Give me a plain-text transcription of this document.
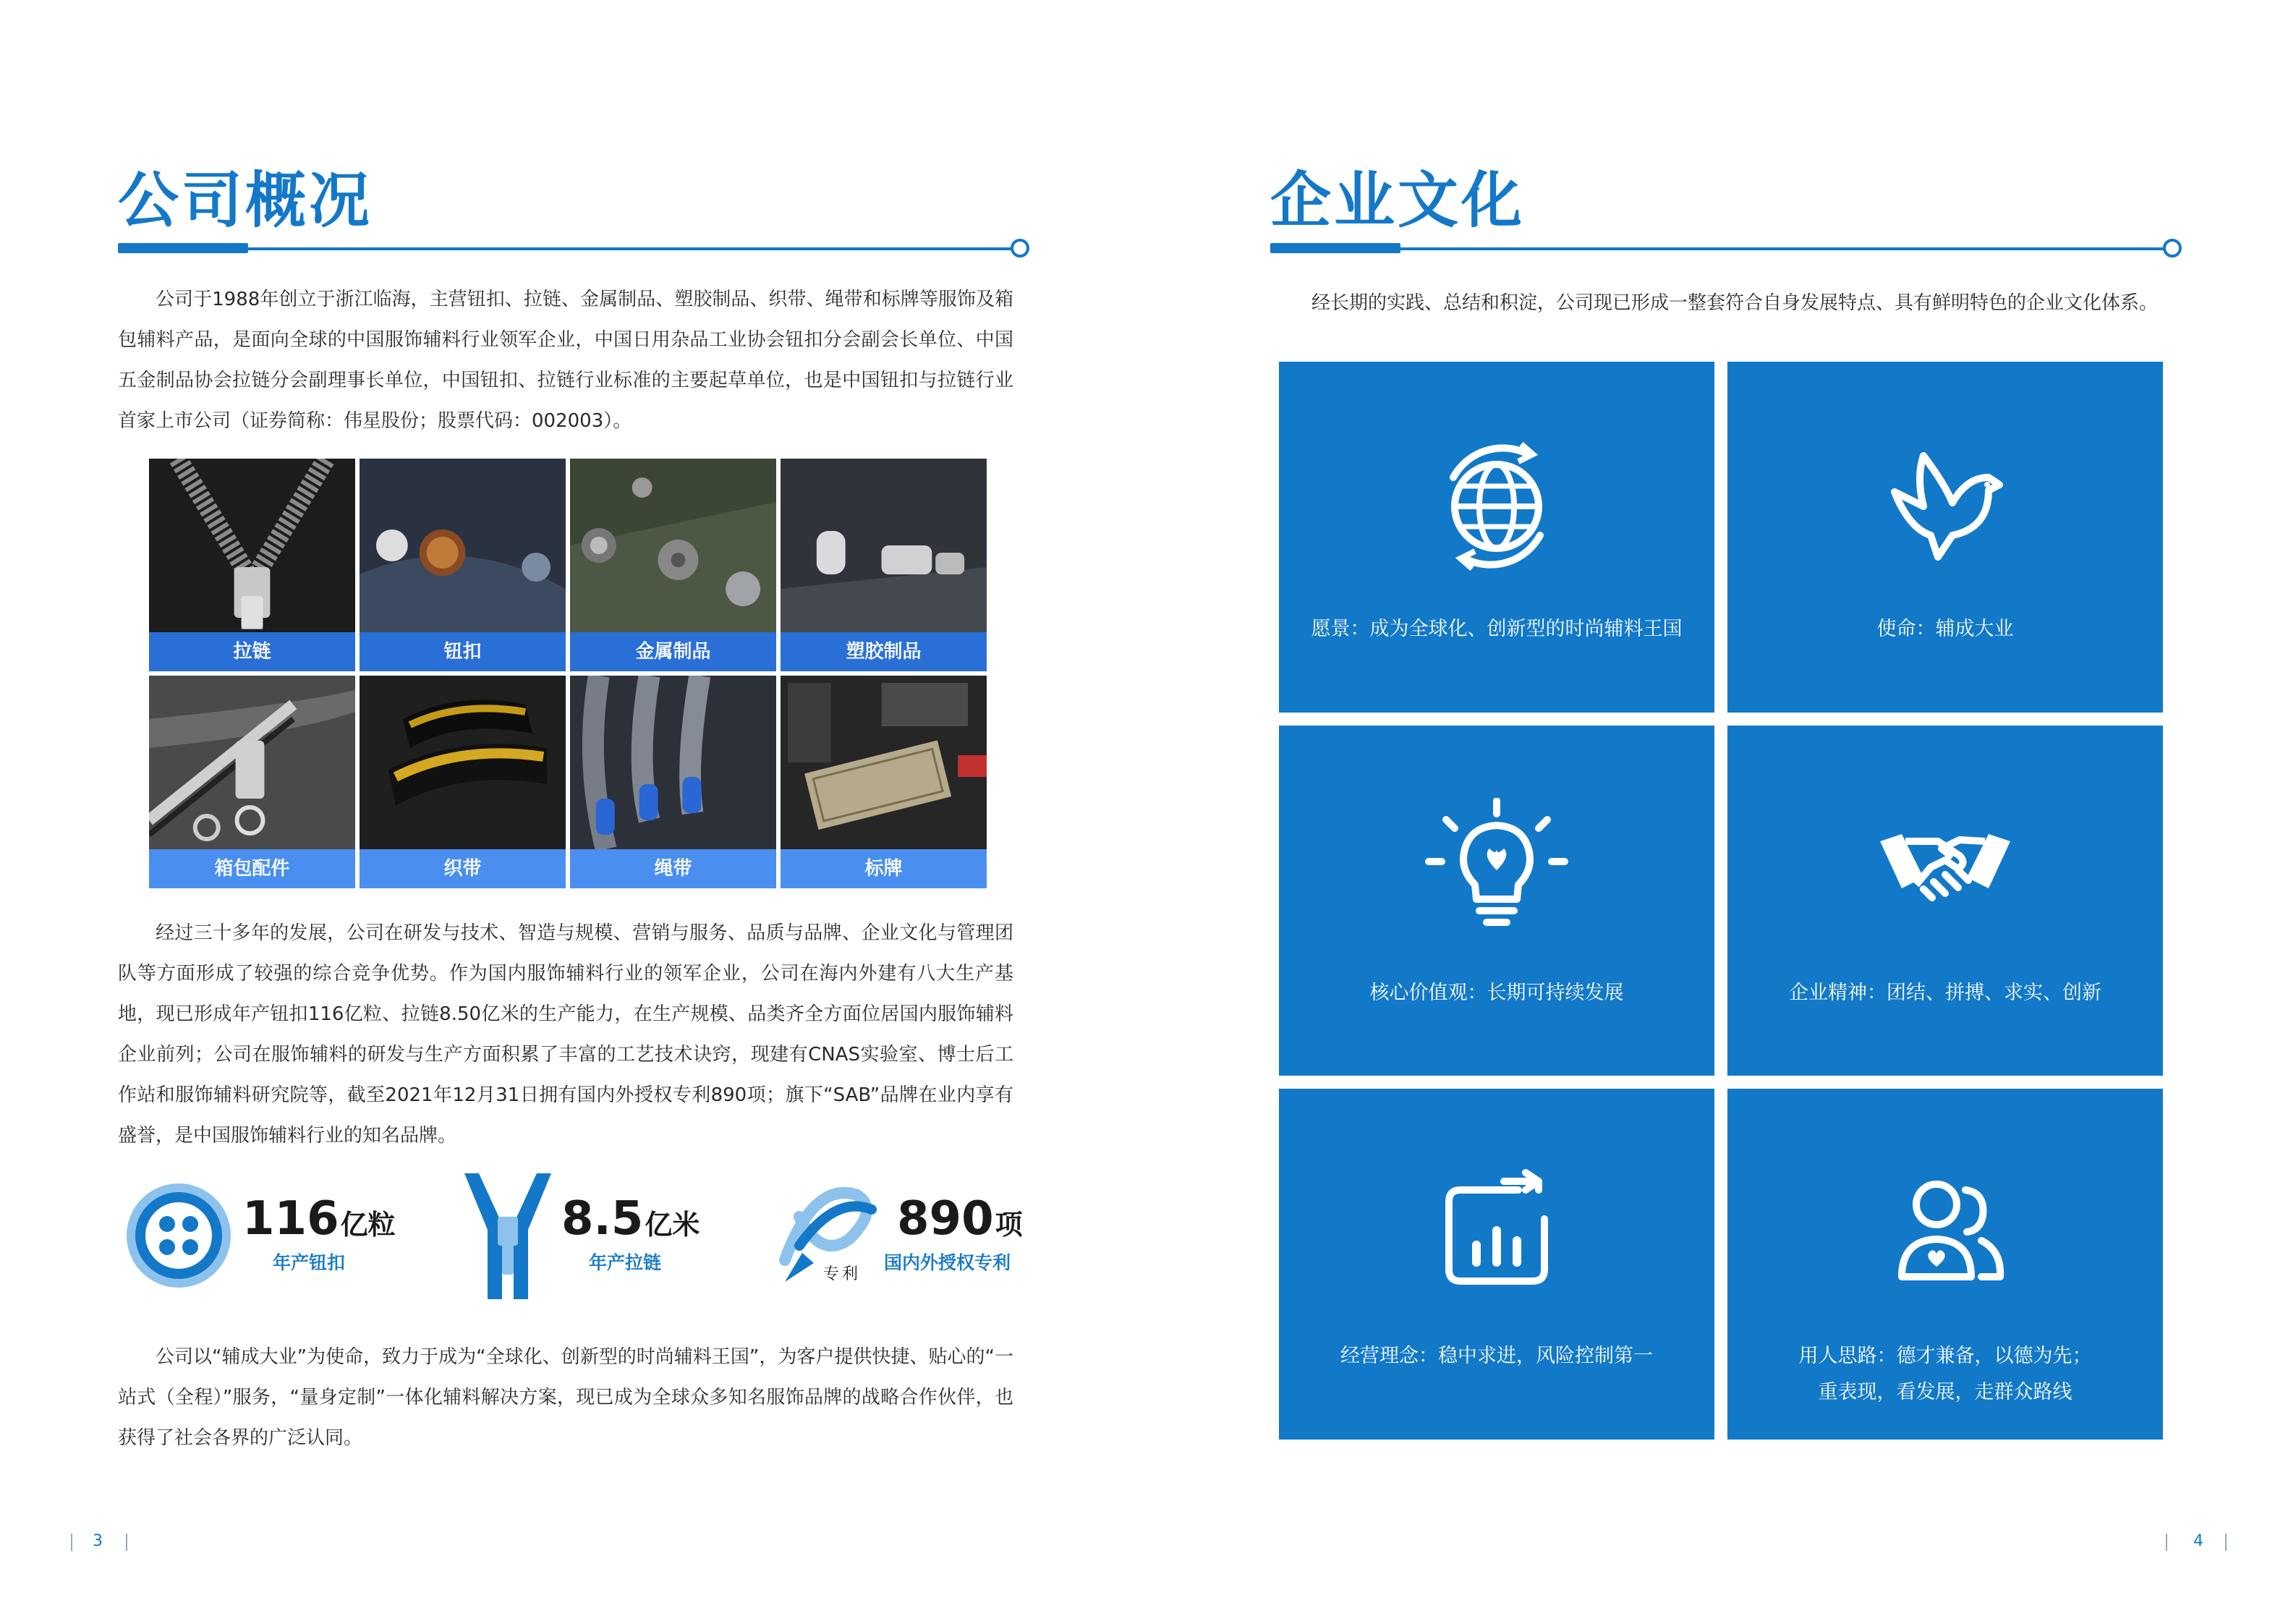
公司概况
公司于1988年创立于浙江临海，主营钮扣、拉链、金属制品、塑胶制品、织带、绳带和标牌等服饰及箱包辅料产品，是面向全球的中国服饰辅料行业领军企业，中国日用杂品工业协会钮扣分会副会长单位、中国五金制品协会拉链分会副理事长单位，中国钮扣、拉链行业标准的主要起草单位，也是中国钮扣与拉链行业首家上市公司（证券简称：伟星股份；股票代码：002003）。
拉链	钮扣	金属制品	塑胶制品
箱包配件	织带	绳带	标牌
经过三十多年的发展，公司在研发与技术、智造与规模、营销与服务、品质与品牌、企业文化与管理团队等方面形成了较强的综合竞争优势。作为国内服饰辅料行业的领军企业，公司在海内外建有八大生产基地，现已形成年产钮扣116亿粒、拉链8.50亿米的生产能力，在生产规模、品类齐全方面位居国内服饰辅料企业前列；公司在服饰辅料的研发与生产方面积累了丰富的工艺技术诀窍，现建有CNAS实验室、博士后工作站和服饰辅料研究院等，截至2021年12月31日拥有国内外授权专利890项；旗下“SAB”品牌在业内享有盛誉，是中国服饰辅料行业的知名品牌。
116亿粒
年产钮扣
8.5亿米
年产拉链
专利
890项
国内外授权专利
公司以“辅成大业”为使命，致力于成为“全球化、创新型的时尚辅料王国”，为客户提供快捷、贴心的“一站式（全程）”服务，“量身定制”一体化辅料解决方案，现已成为全球众多知名服饰品牌的战略合作伙伴，也获得了社会各界的广泛认同。
3
企业文化
4
经长期的实践、总结和积淀，公司现已形成一整套符合自身发展特点、具有鲜明特色的企业文化体系。
愿景：成为全球化、创新型的时尚辅料王国	使命：辅成大业
核心价值观：长期可持续发展	企业精神：团结、拼搏、求实、创新
经营理念：稳中求进，风险控制第一	用人思路：德才兼备，以德为先；
重表现，看发展，走群众路线
